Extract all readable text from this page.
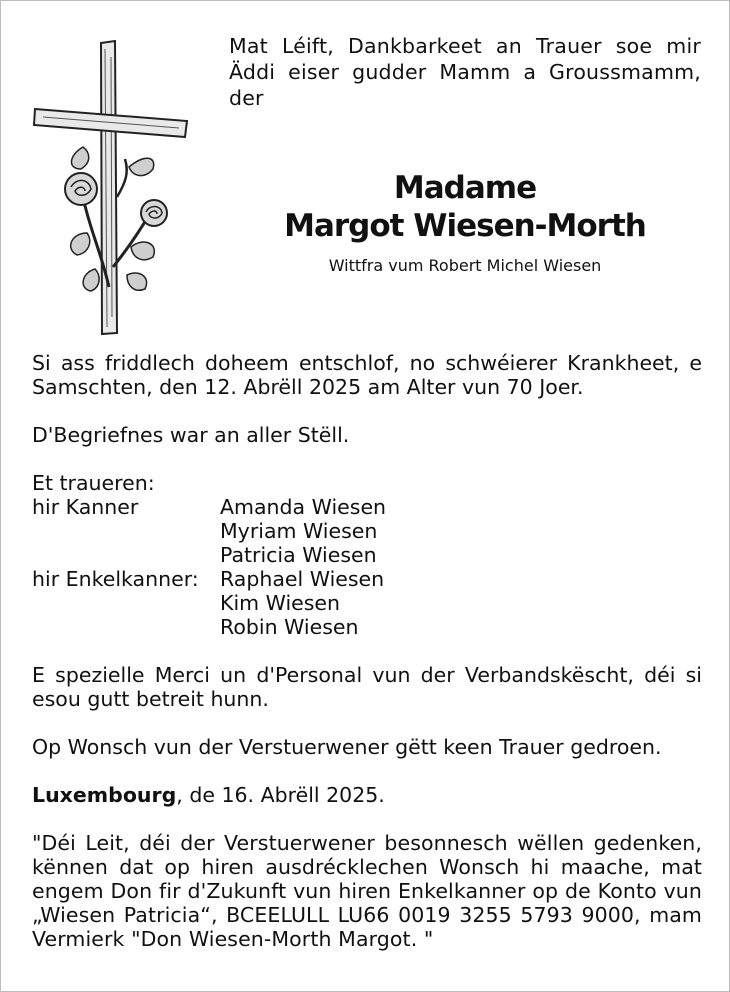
Mat Léift, Dankbarkeet an Trauer soe mir Äddi eiser gudder Mamm a Groussmamm, der
Madame
Margot Wiesen-Morth
Wittfra vum Robert Michel Wiesen

Si ass friddlech doheem entschlof, no schwéierer Krankheet, e Samschten, den 12. Abrëll 2025 am Alter vun 70 Joer.

D'Begriefnes war an aller Stëll.

Et traueren:

hir Kanner	Amanda Wiesen
Myriam Wiesen
Patricia Wiesen
hir Enkelkanner:	Raphael Wiesen
Kim Wiesen
Robin Wiesen

E spezielle Merci un d'Personal vun der Verbandskëscht, déi si esou gutt betreit hunn.

Op Wonsch vun der Verstuerwener gëtt keen Trauer gedroen.

Luxembourg, de 16. Abrëll 2025.

"Déi Leit, déi der Verstuerwener besonnesch wëllen gedenken, kënnen dat op hiren ausdrécklechen Wonsch hi maache, mat engem Don fir d'Zukunft vun hiren Enkelkanner op de Konto vun „Wiesen Patricia“, BCEELULL LU66 0019 3255 5793 9000, mam Vermierk "Don Wiesen-Morth Margot. "
